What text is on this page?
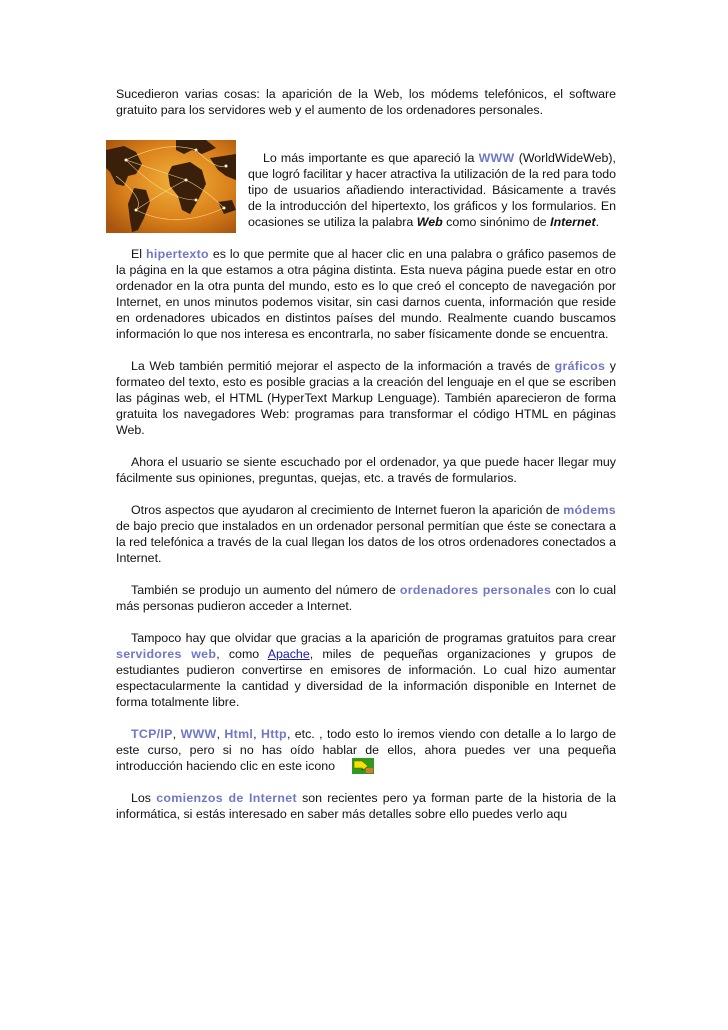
Sucedieron varias cosas: la aparición de la Web, los módems telefónicos, el software gratuito para los servidores web y el aumento de los ordenadores personales.

Lo más importante es que apareció la WWW (WorldWideWeb), que logró facilitar y hacer atractiva la utilización de la red para todo tipo de usuarios añadiendo interactividad. Básicamente a través de la introducción del hipertexto, los gráficos y los formularios. En ocasiones se utiliza la palabra Web como sinónimo de Internet.

El hipertexto es lo que permite que al hacer clic en una palabra o gráfico pasemos de la página en la que estamos a otra página distinta. Esta nueva página puede estar en otro ordenador en la otra punta del mundo, esto es lo que creó el concepto de navegación por Internet, en unos minutos podemos visitar, sin casi darnos cuenta, información que reside en ordenadores ubicados en distintos países del mundo. Realmente cuando buscamos información lo que nos interesa es encontrarla, no saber físicamente donde se encuentra.

La Web también permitió mejorar el aspecto de la información a través de gráficos y formateo del texto, esto es posible gracias a la creación del lenguaje en el que se escriben las páginas web, el HTML (HyperText Markup Lenguage). También aparecieron de forma gratuita los navegadores Web: programas para transformar el código HTML en páginas Web.

Ahora el usuario se siente escuchado por el ordenador, ya que puede hacer llegar muy fácilmente sus opiniones, preguntas, quejas, etc. a través de formularios.

Otros aspectos que ayudaron al crecimiento de Internet fueron la aparición de módems de bajo precio que instalados en un ordenador personal permitían que éste se conectara a la red telefónica a través de la cual llegan los datos de los otros ordenadores conectados a Internet.

También se produjo un aumento del número de ordenadores personales con lo cual más personas pudieron acceder a Internet.

Tampoco hay que olvidar que gracias a la aparición de programas gratuitos para crear servidores web, como Apache, miles de pequeñas organizaciones y grupos de estudiantes pudieron convertirse en emisores de información. Lo cual hizo aumentar espectacularmente la cantidad y diversidad de la información disponible en Internet de forma totalmente libre.

TCP/IP, WWW, Html, Http, etc. , todo esto lo iremos viendo con detalle a lo largo de este curso, pero si no has oído hablar de ellos, ahora puedes ver una pequeña introducción haciendo clic en este icono .

Los comienzos de Internet son recientes pero ya forman parte de la historia de la informática, si estás interesado en saber más detalles sobre ello puedes verlo aqu
